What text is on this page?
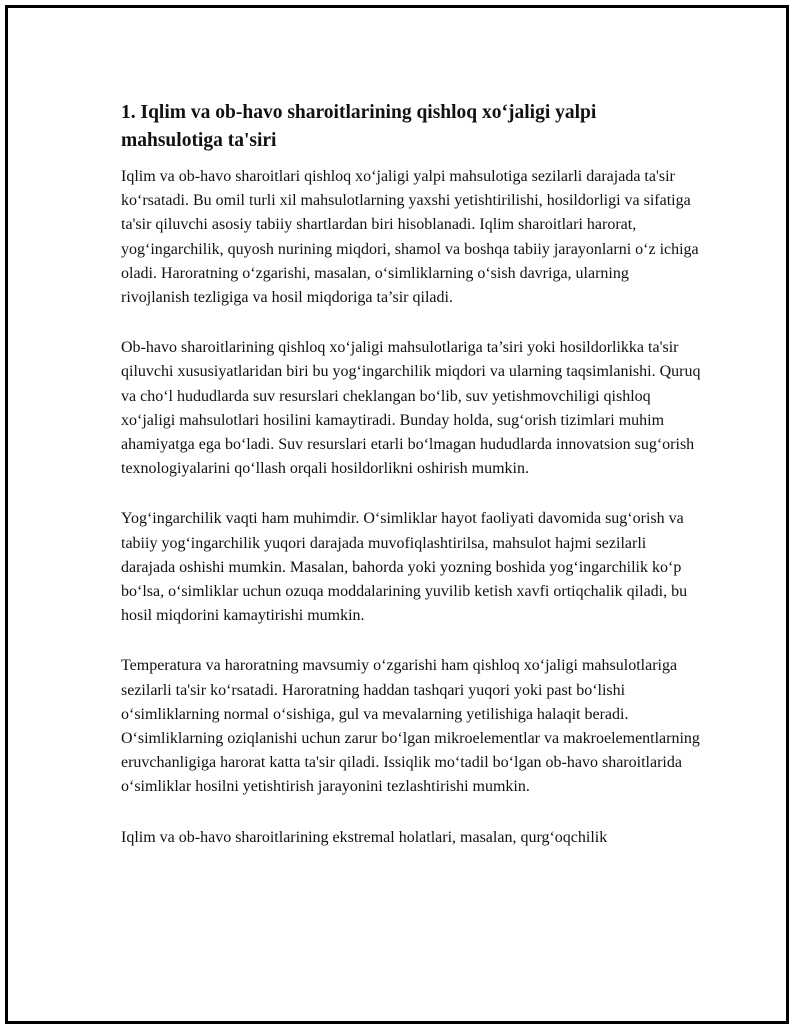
1. Iqlim va ob-havo sharoitlarining qishloq xo‘jaligi yalpi mahsulotiga ta'siri

Iqlim va ob-havo sharoitlari qishloq xo‘jaligi yalpi mahsulotiga sezilarli darajada ta'sir ko‘rsatadi. Bu omil turli xil mahsulotlarning yaxshi yetishtirilishi, hosildorligi va sifatiga ta'sir qiluvchi asosiy tabiiy shartlardan biri hisoblanadi. Iqlim sharoitlari harorat, yog‘ingarchilik, quyosh nurining miqdori, shamol va boshqa tabiiy jarayonlarni o‘z ichiga oladi. Haroratning o‘zgarishi, masalan, o‘simliklarning o‘sish davriga, ularning rivojlanish tezligiga va hosil miqdoriga ta’sir qiladi.

Ob-havo sharoitlarining qishloq xo‘jaligi mahsulotlariga ta’siri yoki hosildorlikka ta'sir qiluvchi xususiyatlaridan biri bu yog‘ingarchilik miqdori va ularning taqsimlanishi. Quruq va cho‘l hududlarda suv resurslari cheklangan bo‘lib, suv yetishmovchiligi qishloq xo‘jaligi mahsulotlari hosilini kamaytiradi. Bunday holda, sug‘orish tizimlari muhim ahamiyatga ega bo‘ladi. Suv resurslari etarli bo‘lmagan hududlarda innovatsion sug‘orish texnologiyalarini qo‘llash orqali hosildorlikni oshirish mumkin.

Yog‘ingarchilik vaqti ham muhimdir. O‘simliklar hayot faoliyati davomida sug‘orish va tabiiy yog‘ingarchilik yuqori darajada muvofiqlashtirilsa, mahsulot hajmi sezilarli darajada oshishi mumkin. Masalan, bahorda yoki yozning boshida yog‘ingarchilik ko‘p bo‘lsa, o‘simliklar uchun ozuqa moddalarining yuvilib ketish xavfi ortiqchalik qiladi, bu hosil miqdorini kamaytirishi mumkin.

Temperatura va haroratning mavsumiy o‘zgarishi ham qishloq xo‘jaligi mahsulotlariga sezilarli ta'sir ko‘rsatadi. Haroratning haddan tashqari yuqori yoki past bo‘lishi o‘simliklarning normal o‘sishiga, gul va mevalarning yetilishiga halaqit beradi. O‘simliklarning oziqlanishi uchun zarur bo‘lgan mikroelementlar va makroelementlarning eruvchanligiga harorat katta ta'sir qiladi. Issiqlik mo‘tadil bo‘lgan ob-havo sharoitlarida o‘simliklar hosilni yetishtirish jarayonini tezlashtirishi mumkin.

Iqlim va ob-havo sharoitlarining ekstremal holatlari, masalan, qurg‘oqchilik
